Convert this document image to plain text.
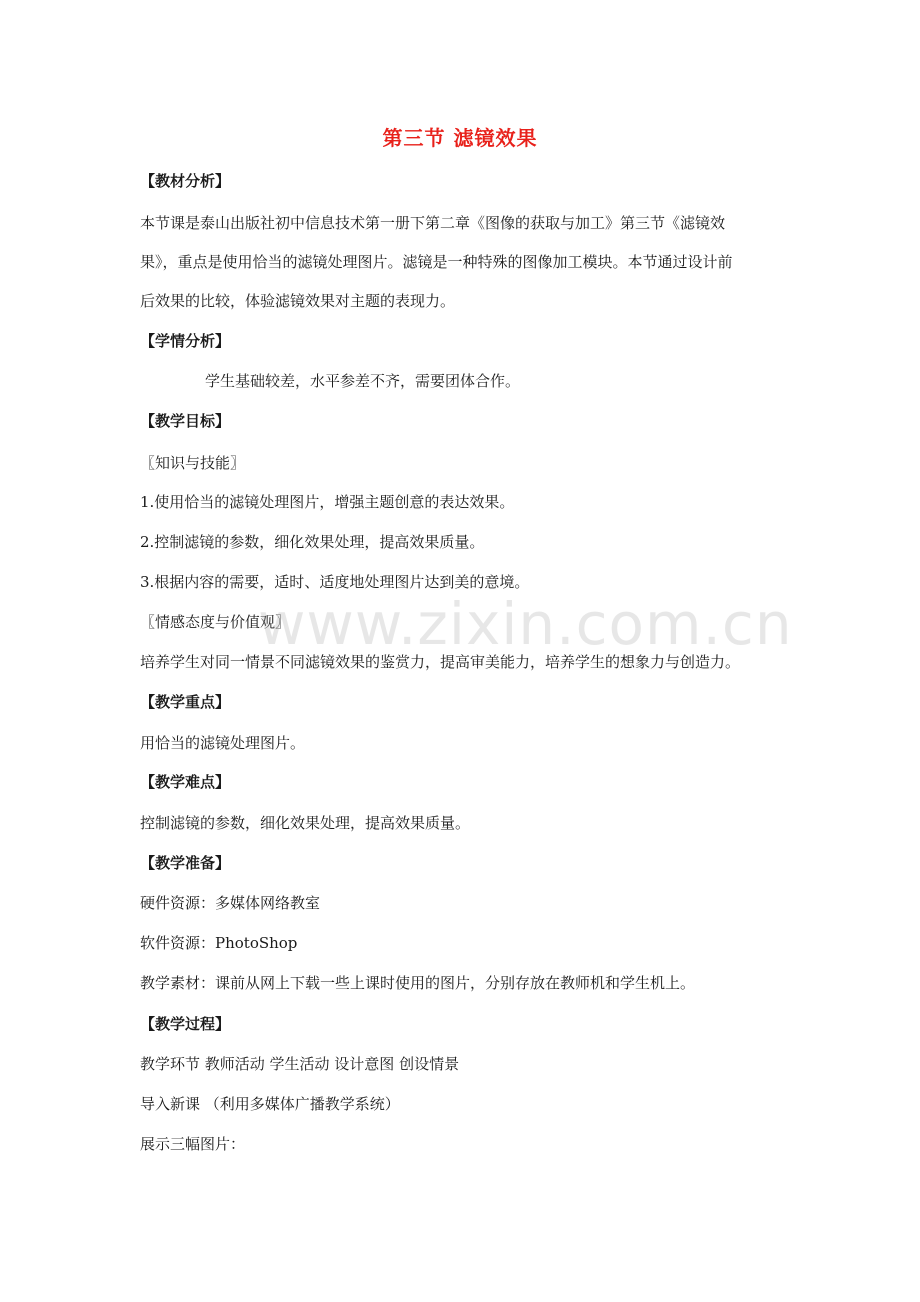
第三节 滤镜效果
【教材分析】
本节课是泰山出版社初中信息技术第一册下第二章《图像的获取与加工》第三节《滤镜效
果》，重点是使用恰当的滤镜处理图片。滤镜是一种特殊的图像加工模块。本节通过设计前
后效果的比较，体验滤镜效果对主题的表现力。
【学情分析】
学生基础较差，水平参差不齐，需要团体合作。
【教学目标】
〖知识与技能〗
1.使用恰当的滤镜处理图片，增强主题创意的表达效果。
2.控制滤镜的参数，细化效果处理，提高效果质量。
3.根据内容的需要，适时、适度地处理图片达到美的意境。
〖情感态度与价值观〗
培养学生对同一情景不同滤镜效果的鉴赏力，提高审美能力，培养学生的想象力与创造力。
【教学重点】
用恰当的滤镜处理图片。
【教学难点】
控制滤镜的参数，细化效果处理，提高效果质量。
【教学准备】
硬件资源：多媒体网络教室
软件资源：PhotoShop
教学素材：课前从网上下载一些上课时使用的图片，分别存放在教师机和学生机上。
【教学过程】
教学环节 教师活动 学生活动 设计意图 创设情景
导入新课 （利用多媒体广播教学系统）
展示三幅图片：
www.zixin.com.cn
